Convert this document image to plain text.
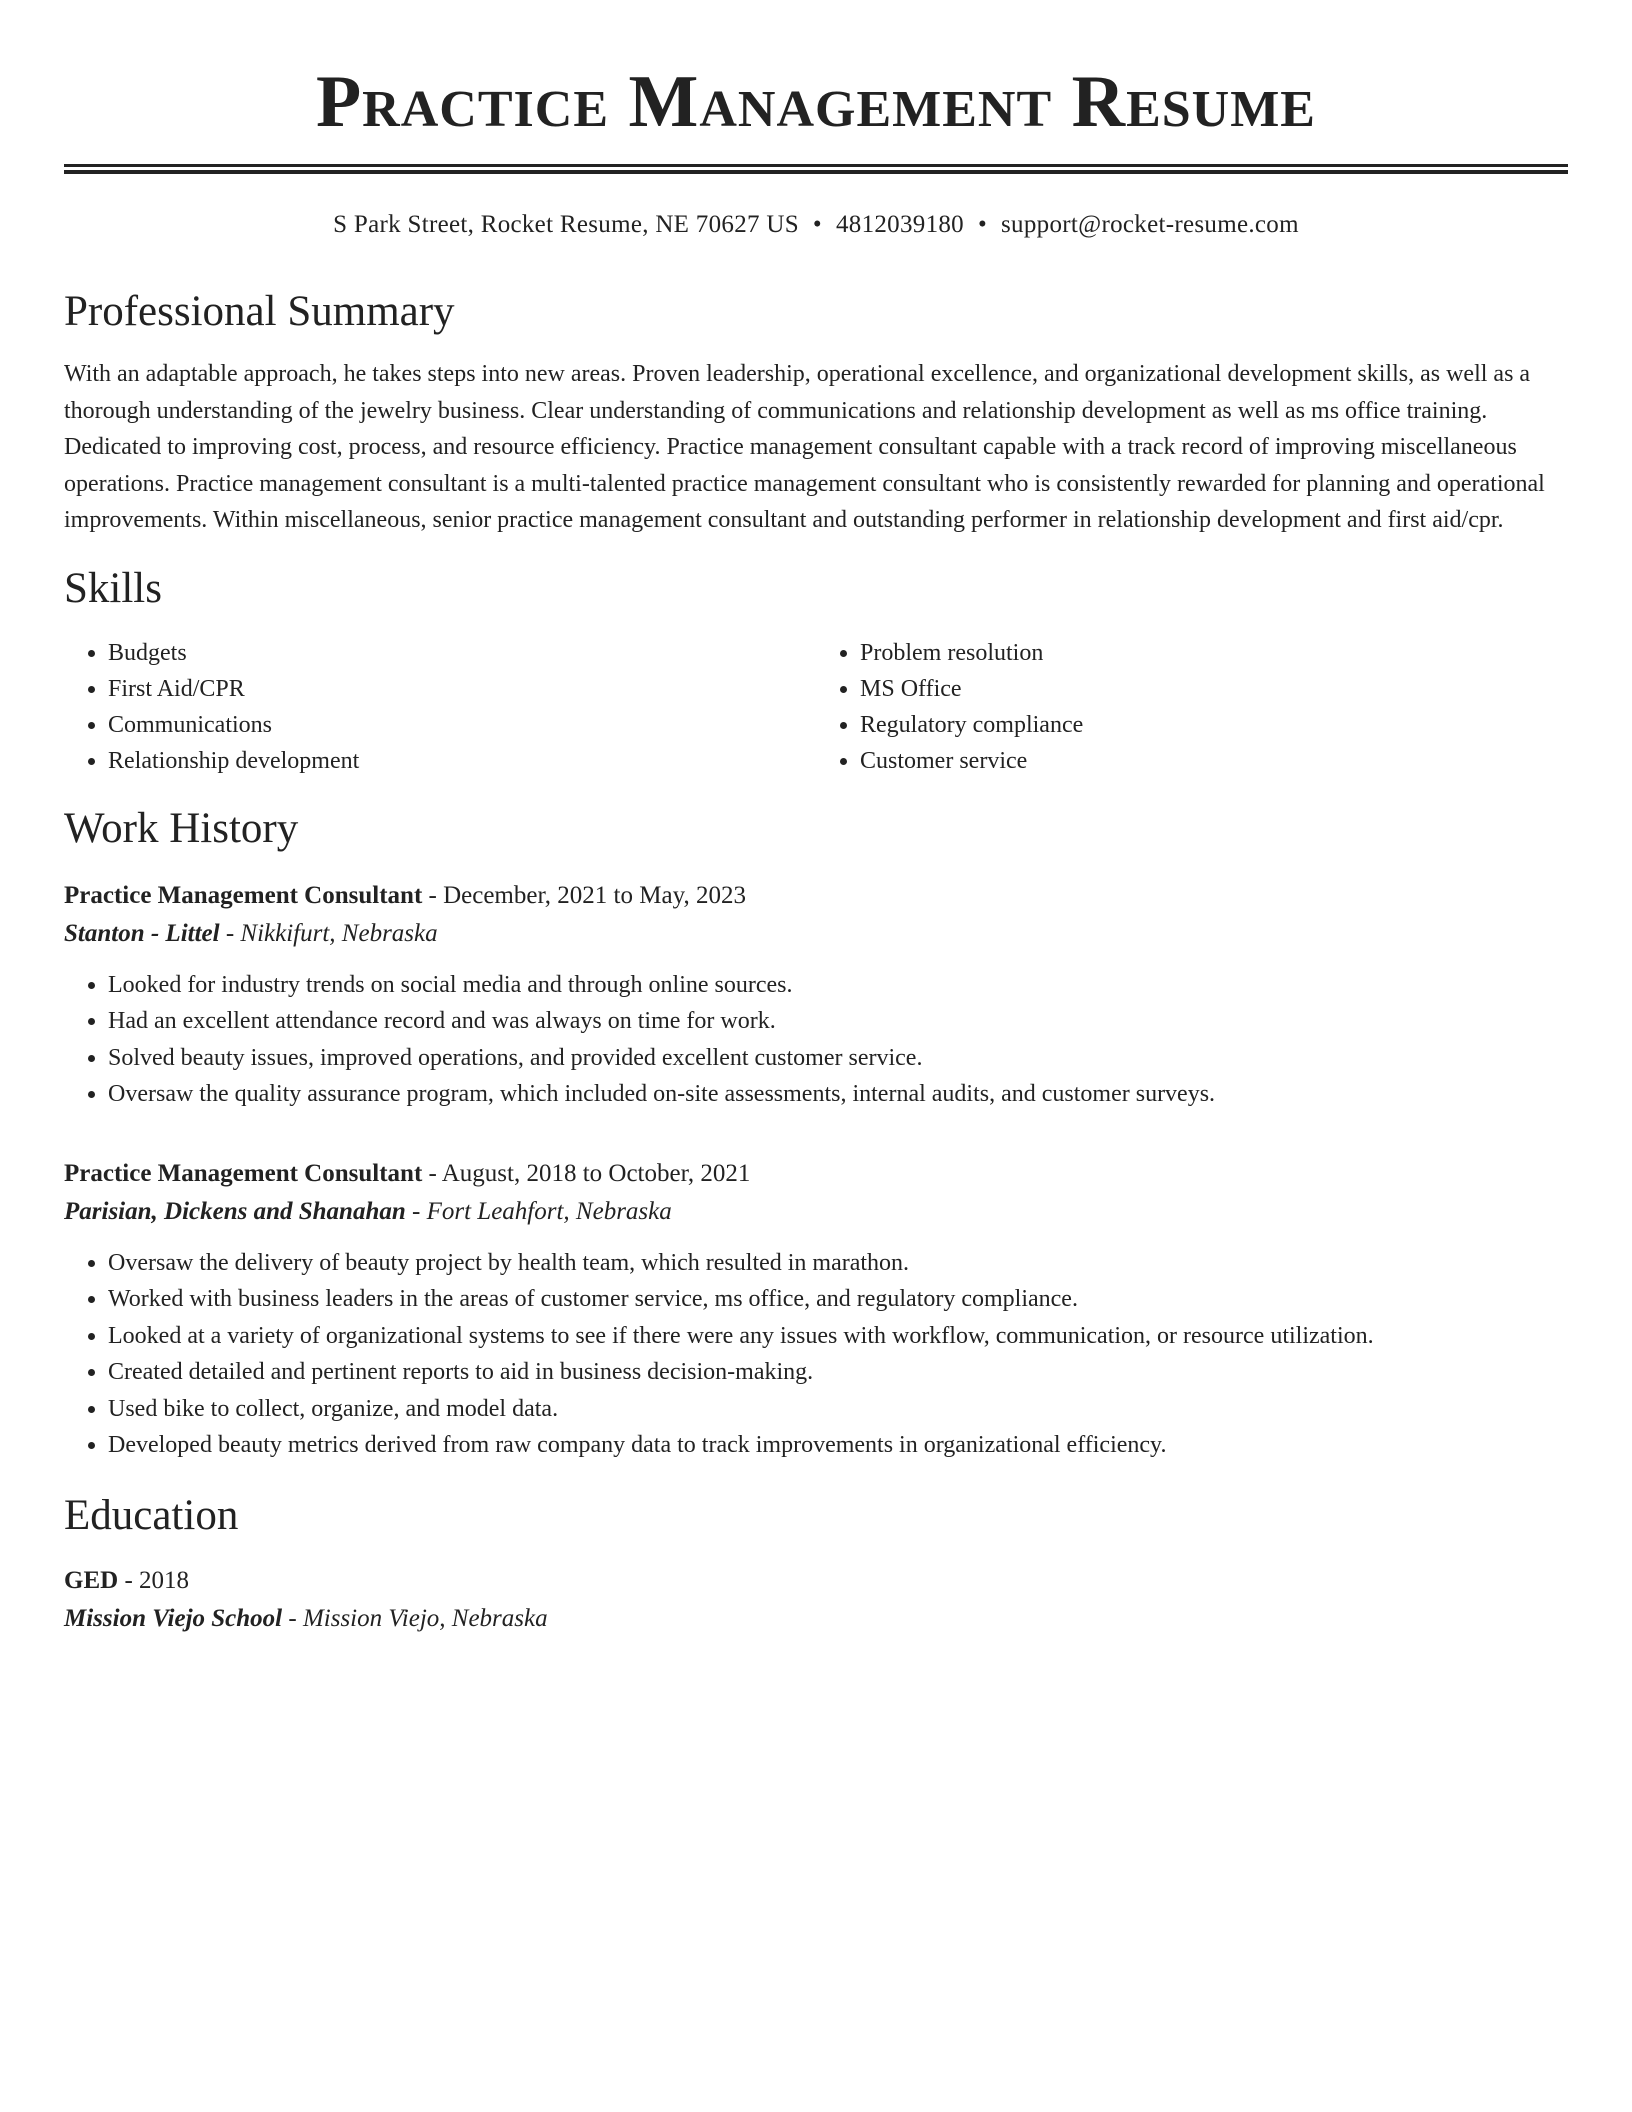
Practice Management Resume
S Park Street, Rocket Resume, NE 70627 US • 4812039180 • support@rocket-resume.com
Professional Summary

With an adaptable approach, he takes steps into new areas. Proven leadership, operational excellence, and organizational development skills, as well as a thorough understanding of the jewelry business. Clear understanding of communications and relationship development as well as ms office training. Dedicated to improving cost, process, and resource efficiency. Practice management consultant capable with a track record of improving miscellaneous operations. Practice management consultant is a multi-talented practice management consultant who is consistently rewarded for planning and operational improvements. Within miscellaneous, senior practice management consultant and outstanding performer in relationship development and first aid/cpr.

Skills
• Budgets
• First Aid/CPR
• Communications
• Relationship development
• Problem resolution
• MS Office
• Regulatory compliance
• Customer service
Work History
Practice Management Consultant - December, 2021 to May, 2023
Stanton - Littel - Nikkifurt, Nebraska
• Looked for industry trends on social media and through online sources.
• Had an excellent attendance record and was always on time for work.
• Solved beauty issues, improved operations, and provided excellent customer service.
• Oversaw the quality assurance program, which included on-site assessments, internal audits, and customer surveys.
Practice Management Consultant - August, 2018 to October, 2021
Parisian, Dickens and Shanahan - Fort Leahfort, Nebraska
• Oversaw the delivery of beauty project by health team, which resulted in marathon.
• Worked with business leaders in the areas of customer service, ms office, and regulatory compliance.
• Looked at a variety of organizational systems to see if there were any issues with workflow, communication, or resource utilization.
• Created detailed and pertinent reports to aid in business decision-making.
• Used bike to collect, organize, and model data.
• Developed beauty metrics derived from raw company data to track improvements in organizational efficiency.
Education
GED - 2018
Mission Viejo School - Mission Viejo, Nebraska
